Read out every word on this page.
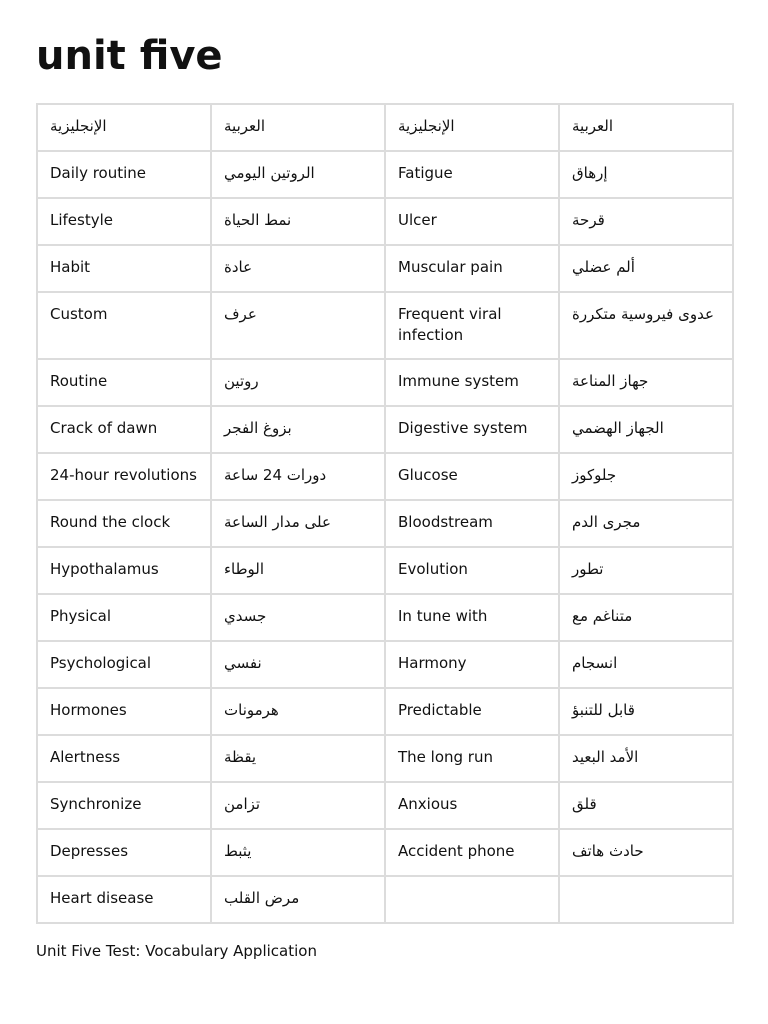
unit five
الإنجليزية	العربية	الإنجليزية	العربية
Daily routine	الروتين اليومي	Fatigue	إرهاق
Lifestyle	نمط الحياة	Ulcer	قرحة
Habit	عادة	Muscular pain	ألم عضلي
Custom	عرف	Frequent viral infection	عدوى فيروسية متكررة
Routine	روتين	Immune system	جهاز المناعة
Crack of dawn	بزوغ الفجر	Digestive system	الجهاز الهضمي
24-hour revolutions	دورات 24 ساعة	Glucose	جلوكوز
Round the clock	على مدار الساعة	Bloodstream	مجرى الدم
Hypothalamus	الوطاء	Evolution	تطور
Physical	جسدي	In tune with	متناغم مع
Psychological	نفسي	Harmony	انسجام
Hormones	هرمونات	Predictable	قابل للتنبؤ
Alertness	يقظة	The long run	الأمد البعيد
Synchronize	تزامن	Anxious	قلق
Depresses	يثبط	Accident phone	حادث هاتف
Heart disease	مرض القلب		
Unit Five Test: Vocabulary Application
